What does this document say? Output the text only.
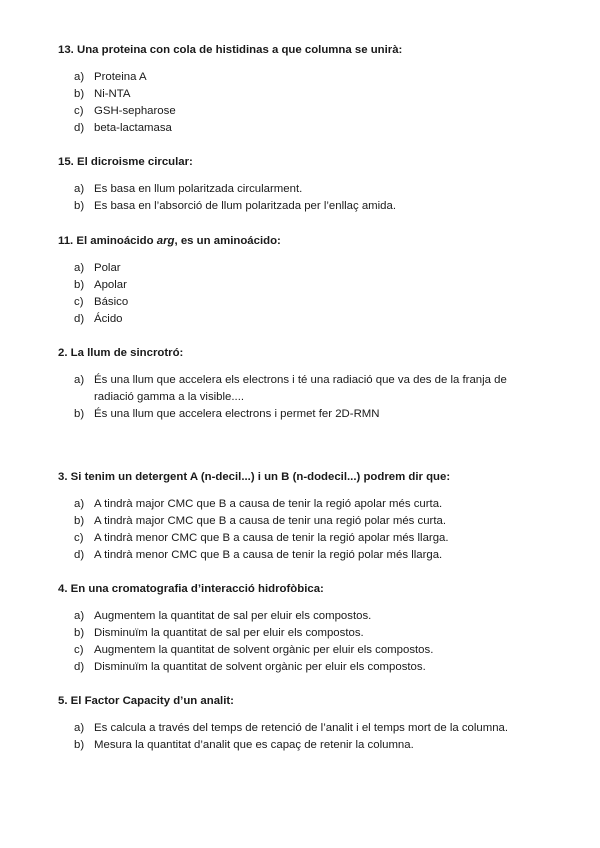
13. Una proteina con cola de histidinas a que columna se unirà:

a) Proteina A
b) Ni-NTA
c) GSH-sepharose
d) beta-lactamasa

15. El dicroisme circular:

a) Es basa en llum polaritzada circularment.
b) Es basa en l’absorció de llum polaritzada per l’enllaç amida.

11. El aminoácido arg, es un aminoácido:

a) Polar
b) Apolar
c) Básico
d) Ácido

2. La llum de sincrotró:

a) És una llum que accelera els electrons i té una radiació que va des de la franja de radiació gamma a la visible....
b) És una llum que accelera electrons i permet fer 2D-RMN

3. Si tenim un detergent A (n-decil...) i un B (n-dodecil...) podrem dir que:

a) A tindrà major CMC que B a causa de tenir la regió apolar més curta.
b) A tindrà major CMC que B a causa de tenir una regió polar més curta.
c) A tindrà menor CMC que B a causa de tenir la regió apolar més llarga.
d) A tindrà menor CMC que B a causa de tenir la regió polar més llarga.

4. En una cromatografia d’interacció hidrofòbica:

a) Augmentem la quantitat de sal per eluir els compostos.
b) Disminuïm la quantitat de sal per eluir els compostos.
c) Augmentem la quantitat de solvent orgànic per eluir els compostos.
d) Disminuïm la quantitat de solvent orgànic per eluir els compostos.

5. El Factor Capacity d’un analit:

a) Es calcula a través del temps de retenció de l’analit i el temps mort de la columna.
b) Mesura la quantitat d’analit que es capaç de retenir la columna.
